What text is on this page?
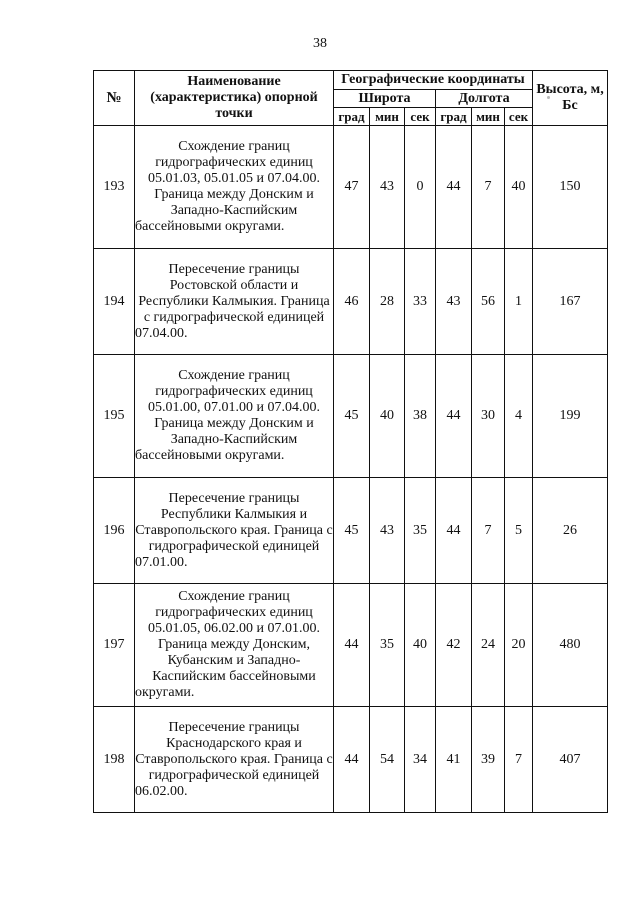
38
№	Наименование (характеристика) опорной точки	Географические координаты						Высота, м, Бс
		Широта			Долгота			
		град	мин	сек	град	мин	сек	
193	Схождение границ гидрографических единиц 05.01.03, 05.01.05 и 07.04.00. Граница между Донским и Западно-Каспийским бассейновыми округами.	47	43	0	44	7	40	150
194	Пересечение границы Ростовской области и Республики Калмыкия. Граница с гидрографической единицей 07.04.00.	46	28	33	43	56	1	167
195	Схождение границ гидрографических единиц 05.01.00, 07.01.00 и 07.04.00. Граница между Донским и Западно-Каспийским бассейновыми округами.	45	40	38	44	30	4	199
196	Пересечение границы Республики Калмыкия и Ставропольского края. Граница с гидрографической единицей 07.01.00.	45	43	35	44	7	5	26
197	Схождение границ гидрографических единиц 05.01.05, 06.02.00 и 07.01.00. Граница между Донским, Кубанским и Западно-Каспийским бассейновыми округами.	44	35	40	42	24	20	480
198	Пересечение границы Краснодарского края и Ставропольского края. Граница с гидрографической единицей 06.02.00.	44	54	34	41	39	7	407
